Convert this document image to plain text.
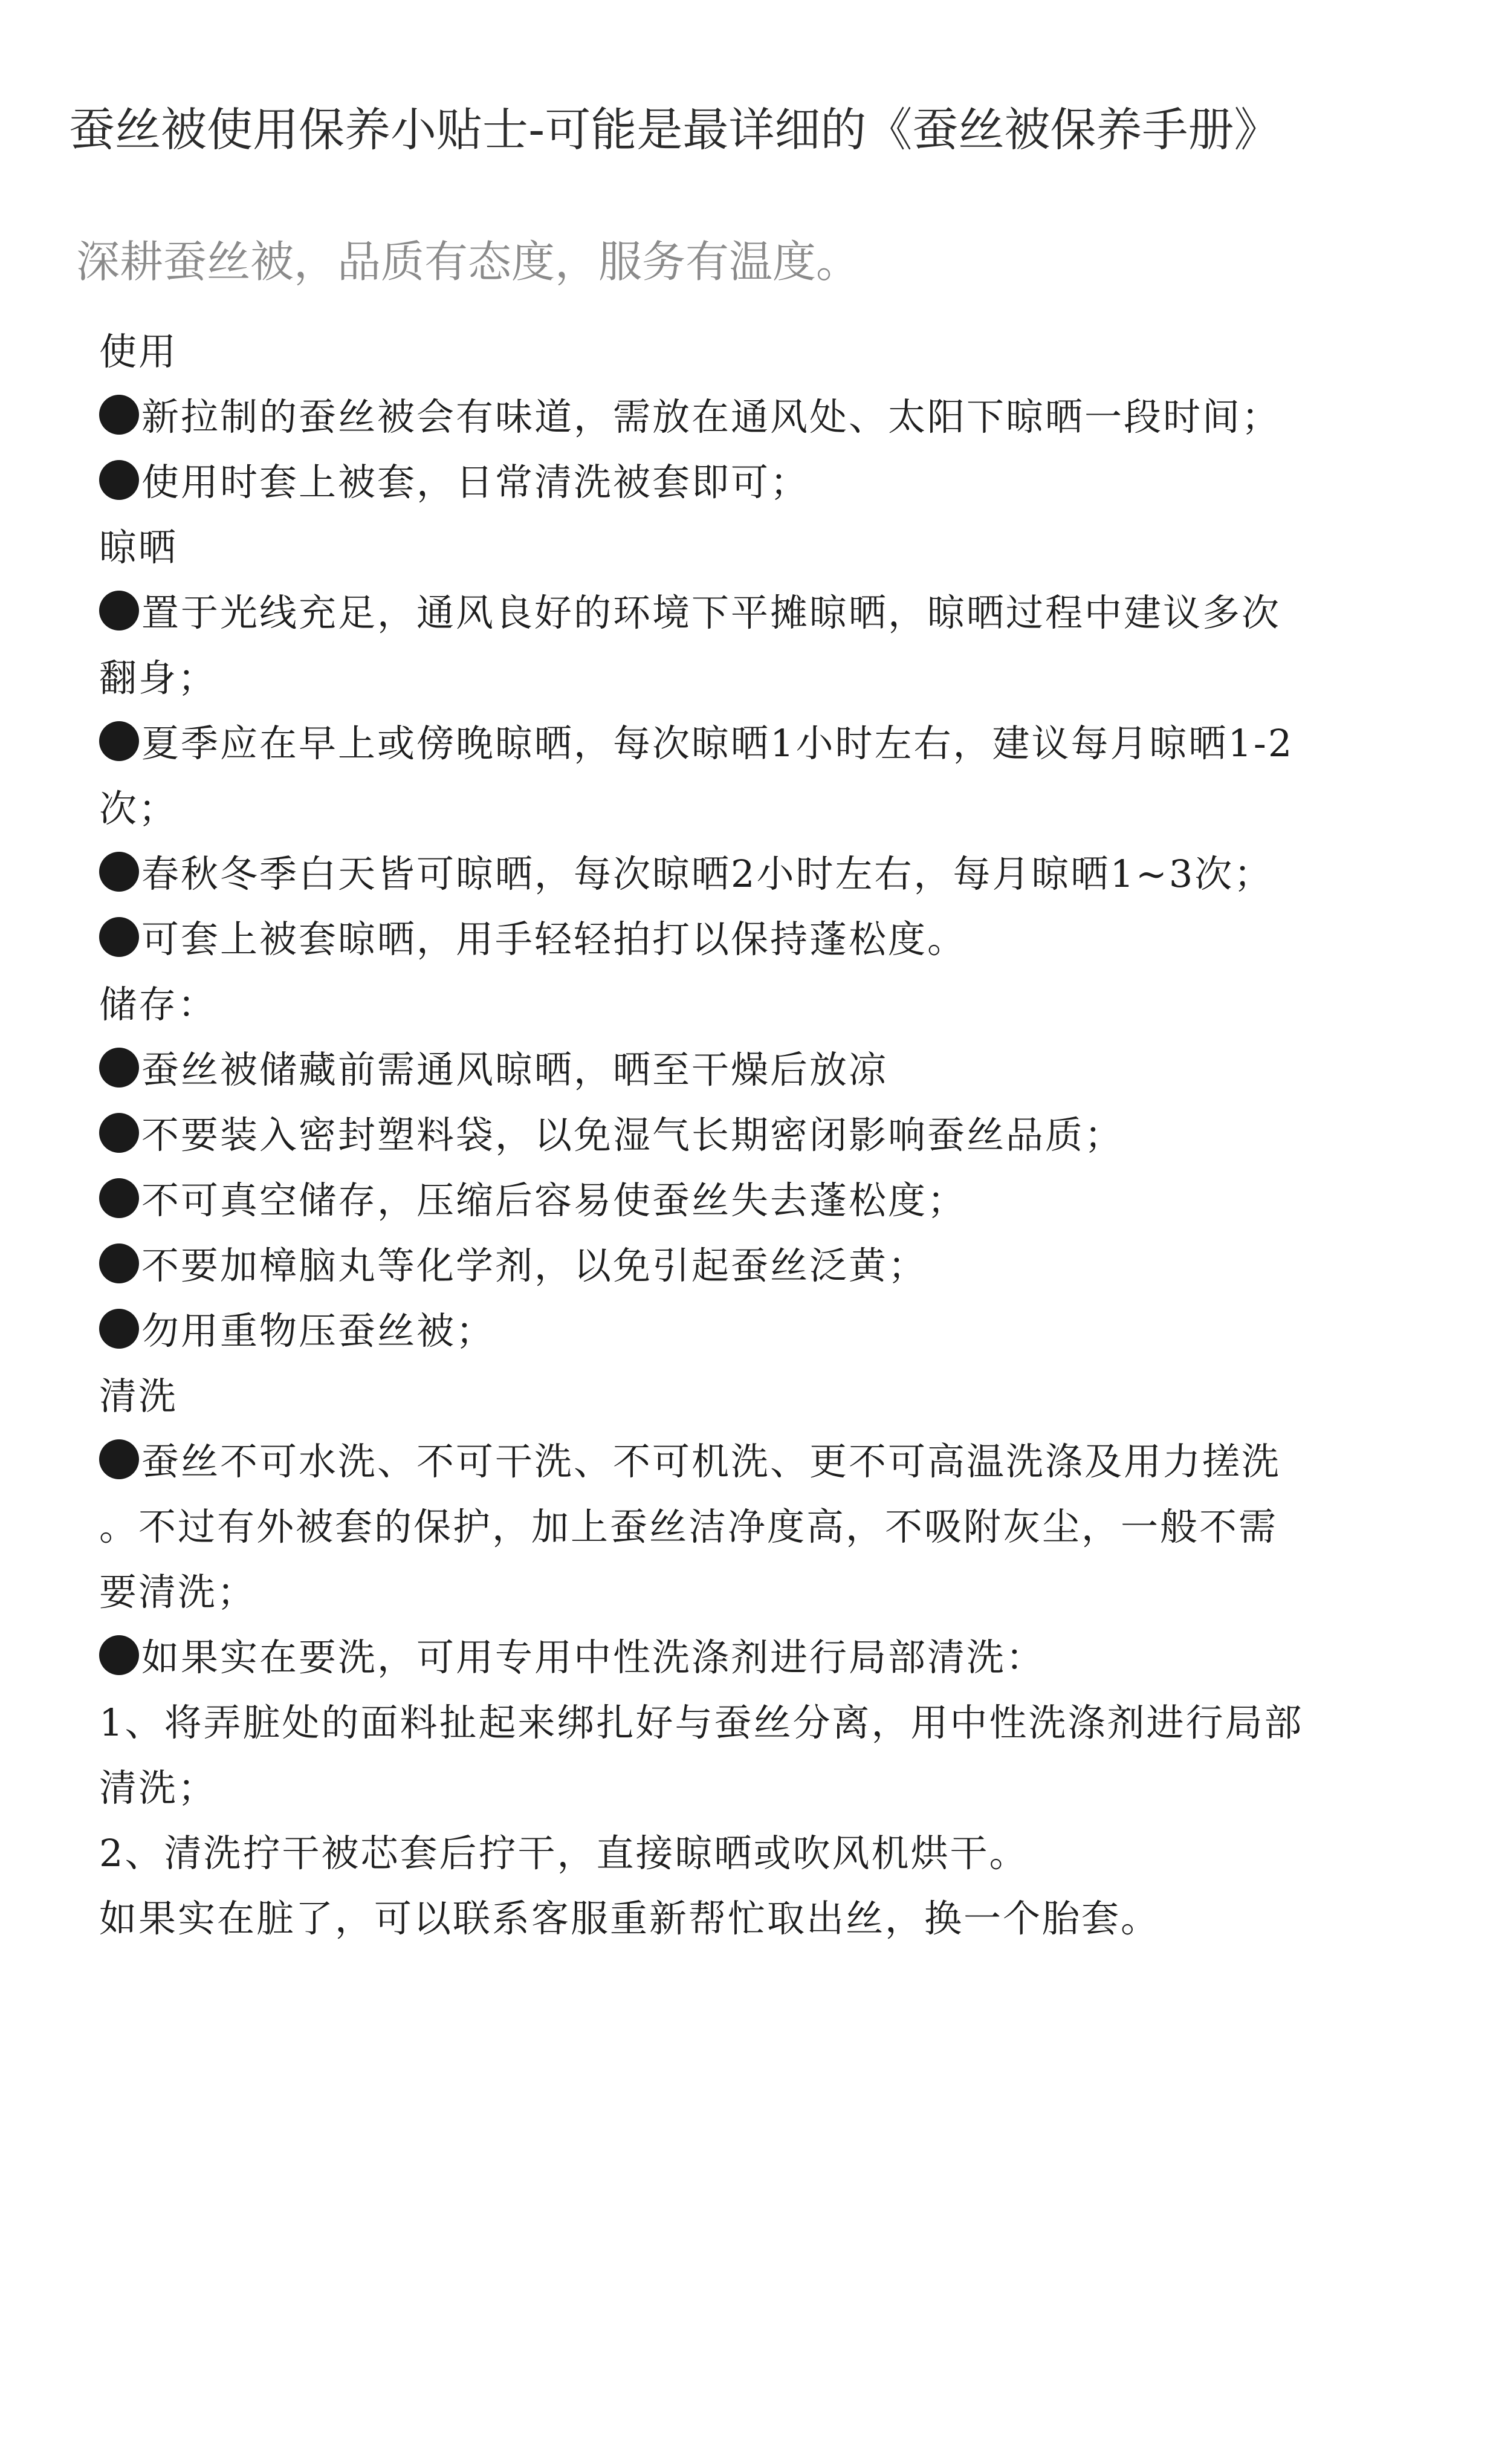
蚕丝被使用保养小贴士-可能是最详细的《蚕丝被保养手册》
深耕蚕丝被，品质有态度，服务有温度。
使用
新拉制的蚕丝被会有味道，需放在通风处、太阳下晾晒一段时间；
使用时套上被套，日常清洗被套即可；
晾晒
置于光线充足，通风良好的环境下平摊晾晒，晾晒过程中建议多次
翻身；
夏季应在早上或傍晚晾晒，每次晾晒1小时左右，建议每月晾晒1-2
次；
春秋冬季白天皆可晾晒，每次晾晒2小时左右，每月晾晒1~3次；
可套上被套晾晒，用手轻轻拍打以保持蓬松度。
储存：
蚕丝被储藏前需通风晾晒，晒至干燥后放凉
不要装入密封塑料袋，以免湿气长期密闭影响蚕丝品质；
不可真空储存，压缩后容易使蚕丝失去蓬松度；
不要加樟脑丸等化学剂，以免引起蚕丝泛黄；
勿用重物压蚕丝被；
清洗
蚕丝不可水洗、不可干洗、不可机洗、更不可高温洗涤及用力搓洗
。不过有外被套的保护，加上蚕丝洁净度高，不吸附灰尘，一般不需
要清洗；
如果实在要洗，可用专用中性洗涤剂进行局部清洗：
1、将弄脏处的面料扯起来绑扎好与蚕丝分离，用中性洗涤剂进行局部
清洗；
2、清洗拧干被芯套后拧干，直接晾晒或吹风机烘干。
如果实在脏了，可以联系客服重新帮忙取出丝，换一个胎套。
